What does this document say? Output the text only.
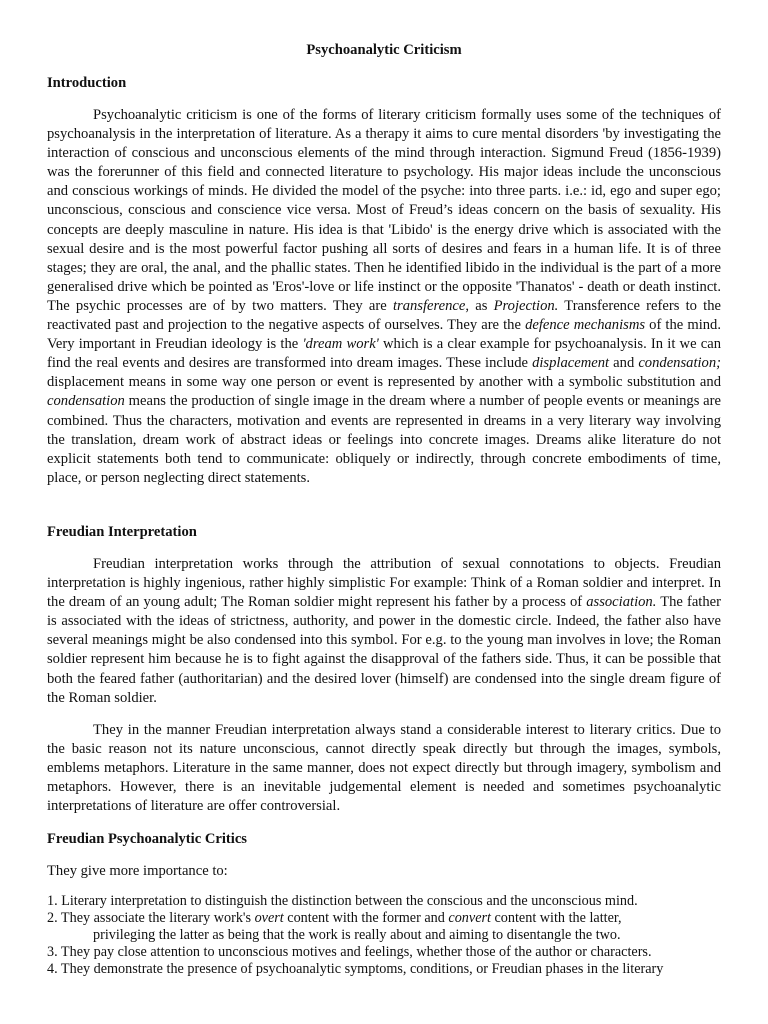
Psychoanalytic Criticism
Introduction

Psychoanalytic criticism is one of the forms of literary criticism formally uses some of the techniques of psychoanalysis in the interpretation of literature. As a therapy it aims to cure mental disorders 'by investigating the interaction of conscious and unconscious elements of the mind through interaction. Sigmund Freud (1856-1939) was the forerunner of this field and connected literature to psychology. His major ideas include the unconscious and conscious workings of minds. He divided the model of the psyche: into three parts. i.e.: id, ego and super ego; unconscious, conscious and conscience vice versa. Most of Freud’s ideas concern on the basis of sexuality. His concepts are deeply masculine in nature. His idea is that 'Libido' is the energy drive which is associated with the sexual desire and is the most powerful factor pushing all sorts of desires and fears in a human life. It is of three stages; they are oral, the anal, and the phallic states. Then he identified libido in the individual is the part of a more generalised drive which be pointed as 'Eros'-love or life instinct or the opposite 'Thanatos' - death or death instinct. The psychic processes are of by two matters. They are transference, as Projection. Transference refers to the reactivated past and projection to the negative aspects of ourselves. They are the defence mechanisms of the mind. Very important in Freudian ideology is the 'dream work' which is a clear example for psychoanalysis. In it we can find the real events and desires are transformed into dream images. These include displacement and condensation; displacement means in some way one person or event is represented by another with a symbolic substitution and condensation means the production of single image in the dream where a number of people events or meanings are combined. Thus the characters, motivation and events are represented in dreams in a very literary way involving the translation, dream work of abstract ideas or feelings into concrete images. Dreams alike literature do not explicit statements both tend to communicate: obliquely or indirectly, through concrete embodiments of time, place, or person neglecting direct statements.

Freudian Interpretation

Freudian interpretation works through the attribution of sexual connotations to objects. Freudian interpretation is highly ingenious, rather highly simplistic For example: Think of a Roman soldier and interpret. In the dream of an young adult; The Roman soldier might represent his father by a process of association. The father is associated with the ideas of strictness, authority, and power in the domestic circle. Indeed, the father also have several meanings might be also condensed into this symbol. For e.g. to the young man involves in love; the Roman soldier represent him because he is to fight against the disapproval of the fathers side. Thus, it can be possible that both the feared father (authoritarian) and the desired lover (himself) are condensed into the single dream figure of the Roman soldier.

They in the manner Freudian interpretation always stand a considerable interest to literary critics. Due to the basic reason not its nature unconscious, cannot directly speak directly but through the images, symbols, emblems metaphors. Literature in the same manner, does not expect directly but through imagery, symbolism and metaphors. However, there is an inevitable judgemental element is needed and sometimes psychoanalytic interpretations of literature are offer controversial.

Freudian Psychoanalytic Critics

They give more importance to:

1. Literary interpretation to distinguish the distinction between the conscious and the unconscious mind.
2. They associate the literary work's overt content with the former and convert content with the latter,
privileging the latter as being that the work is really about and aiming to disentangle the two.
3. They pay close attention to unconscious motives and feelings, whether those of the author or characters.
4. They demonstrate the presence of psychoanalytic symptoms, conditions, or Freudian phases in the literary
